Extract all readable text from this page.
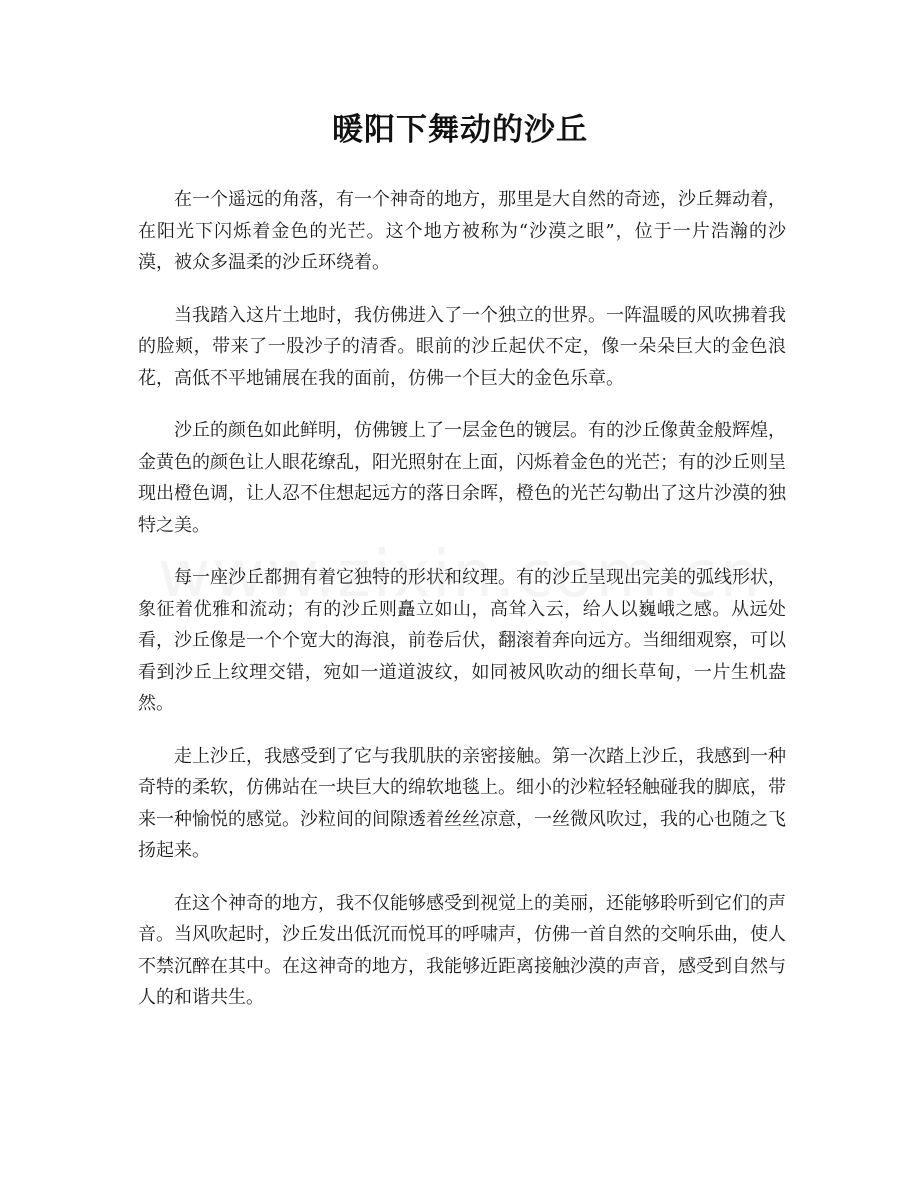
暖阳下舞动的沙丘

在一个遥远的角落，有一个神奇的地方，那里是大自然的奇迹，沙丘舞动着，在阳光下闪烁着金色的光芒。这个地方被称为“沙漠之眼”，位于一片浩瀚的沙漠，被众多温柔的沙丘环绕着。

当我踏入这片土地时，我仿佛进入了一个独立的世界。一阵温暖的风吹拂着我的脸颊，带来了一股沙子的清香。眼前的沙丘起伏不定，像一朵朵巨大的金色浪花，高低不平地铺展在我的面前，仿佛一个巨大的金色乐章。

沙丘的颜色如此鲜明，仿佛镀上了一层金色的镀层。有的沙丘像黄金般辉煌，金黄色的颜色让人眼花缭乱，阳光照射在上面，闪烁着金色的光芒；有的沙丘则呈现出橙色调，让人忍不住想起远方的落日余晖，橙色的光芒勾勒出了这片沙漠的独特之美。

每一座沙丘都拥有着它独特的形状和纹理。有的沙丘呈现出完美的弧线形状，象征着优雅和流动；有的沙丘则矗立如山，高耸入云，给人以巍峨之感。从远处看，沙丘像是一个个宽大的海浪，前卷后伏，翻滚着奔向远方。当细细观察，可以看到沙丘上纹理交错，宛如一道道波纹，如同被风吹动的细长草甸，一片生机盎然。

走上沙丘，我感受到了它与我肌肤的亲密接触。第一次踏上沙丘，我感到一种奇特的柔软，仿佛站在一块巨大的绵软地毯上。细小的沙粒轻轻触碰我的脚底，带来一种愉悦的感觉。沙粒间的间隙透着丝丝凉意，一丝微风吹过，我的心也随之飞扬起来。

在这个神奇的地方，我不仅能够感受到视觉上的美丽，还能够聆听到它们的声音。当风吹起时，沙丘发出低沉而悦耳的呼啸声，仿佛一首自然的交响乐曲，使人不禁沉醉在其中。在这神奇的地方，我能够近距离接触沙漠的声音，感受到自然与人的和谐共生。
